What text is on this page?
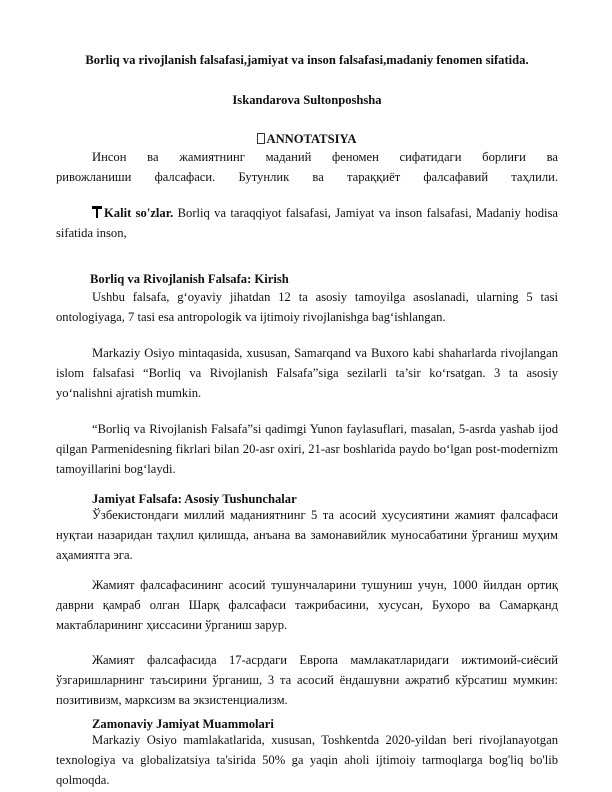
Borliq va rivojlanish falsafasi,jamiyat va inson falsafasi,madaniy fenomen sifatida.
Iskandarova Sultonposhsha
ANNOTATSIYA
Инсон ва жамиятнинг маданий феномен сифатидаги борлиғи ва
ривожланиши фалсафаси. Бутунлик ва тараққиёт фалсафавий таҳлили.
Kalit so'zlar. Borliq va taraqqiyot falsafasi, Jamiyat va inson falsafasi, Madaniy hodisa sifatida inson,
Borliq va Rivojlanish Falsafa: Kirish
Ushbu falsafa, g‘oyaviy jihatdan 12 ta asosiy tamoyilga asoslanadi, ularning 5 tasi ontologiyaga, 7 tasi esa antropologik va ijtimoiy rivojlanishga bag‘ishlangan.
Markaziy Osiyo mintaqasida, xususan, Samarqand va Buxoro kabi shaharlarda rivojlangan islom falsafasi “Borliq va Rivojlanish Falsafa”siga sezilarli ta’sir ko‘rsatgan. 3 ta asosiy yo‘nalishni ajratish mumkin.
“Borliq va Rivojlanish Falsafa”si qadimgi Yunon faylasuflari, masalan, 5-asrda yashab ijod qilgan Parmenidesning fikrlari bilan 20-asr oxiri, 21-asr boshlarida paydo bo‘lgan post-modernizm tamoyillarini bog‘laydi.
Jamiyat Falsafa: Asosiy Tushunchalar
Ўзбекистондаги миллий маданиятнинг 5 та асосий хусусиятини жамият фалсафаси нуқтаи назаридан таҳлил қилишда, анъана ва замонавийлик муносабатини ўрганиш муҳим аҳамиятга эга.
Жамият фалсафасининг асосий тушунчаларини тушуниш учун, 1000 йилдан ортиқ даврни қамраб олган Шарқ фалсафаси тажрибасини, хусусан, Бухоро ва Самарқанд мактабларининг ҳиссасини ўрганиш зарур.
Жамият фалсафасида 17-асрдаги Европа мамлакатларидаги ижтимоий-сиёсий ўзгаришларнинг таъсирини ўрганиш, 3 та асосий ёндашувни ажратиб кўрсатиш мумкин: позитивизм, марксизм ва экзистенциализм.
Zamonaviy Jamiyat Muammolari
Markaziy Osiyo mamlakatlarida, xususan, Toshkentda 2020-yildan beri rivojlanayotgan texnologiya va globalizatsiya ta'sirida 50% ga yaqin aholi ijtimoiy tarmoqlarga bog'liq bo'lib qolmoqda.
